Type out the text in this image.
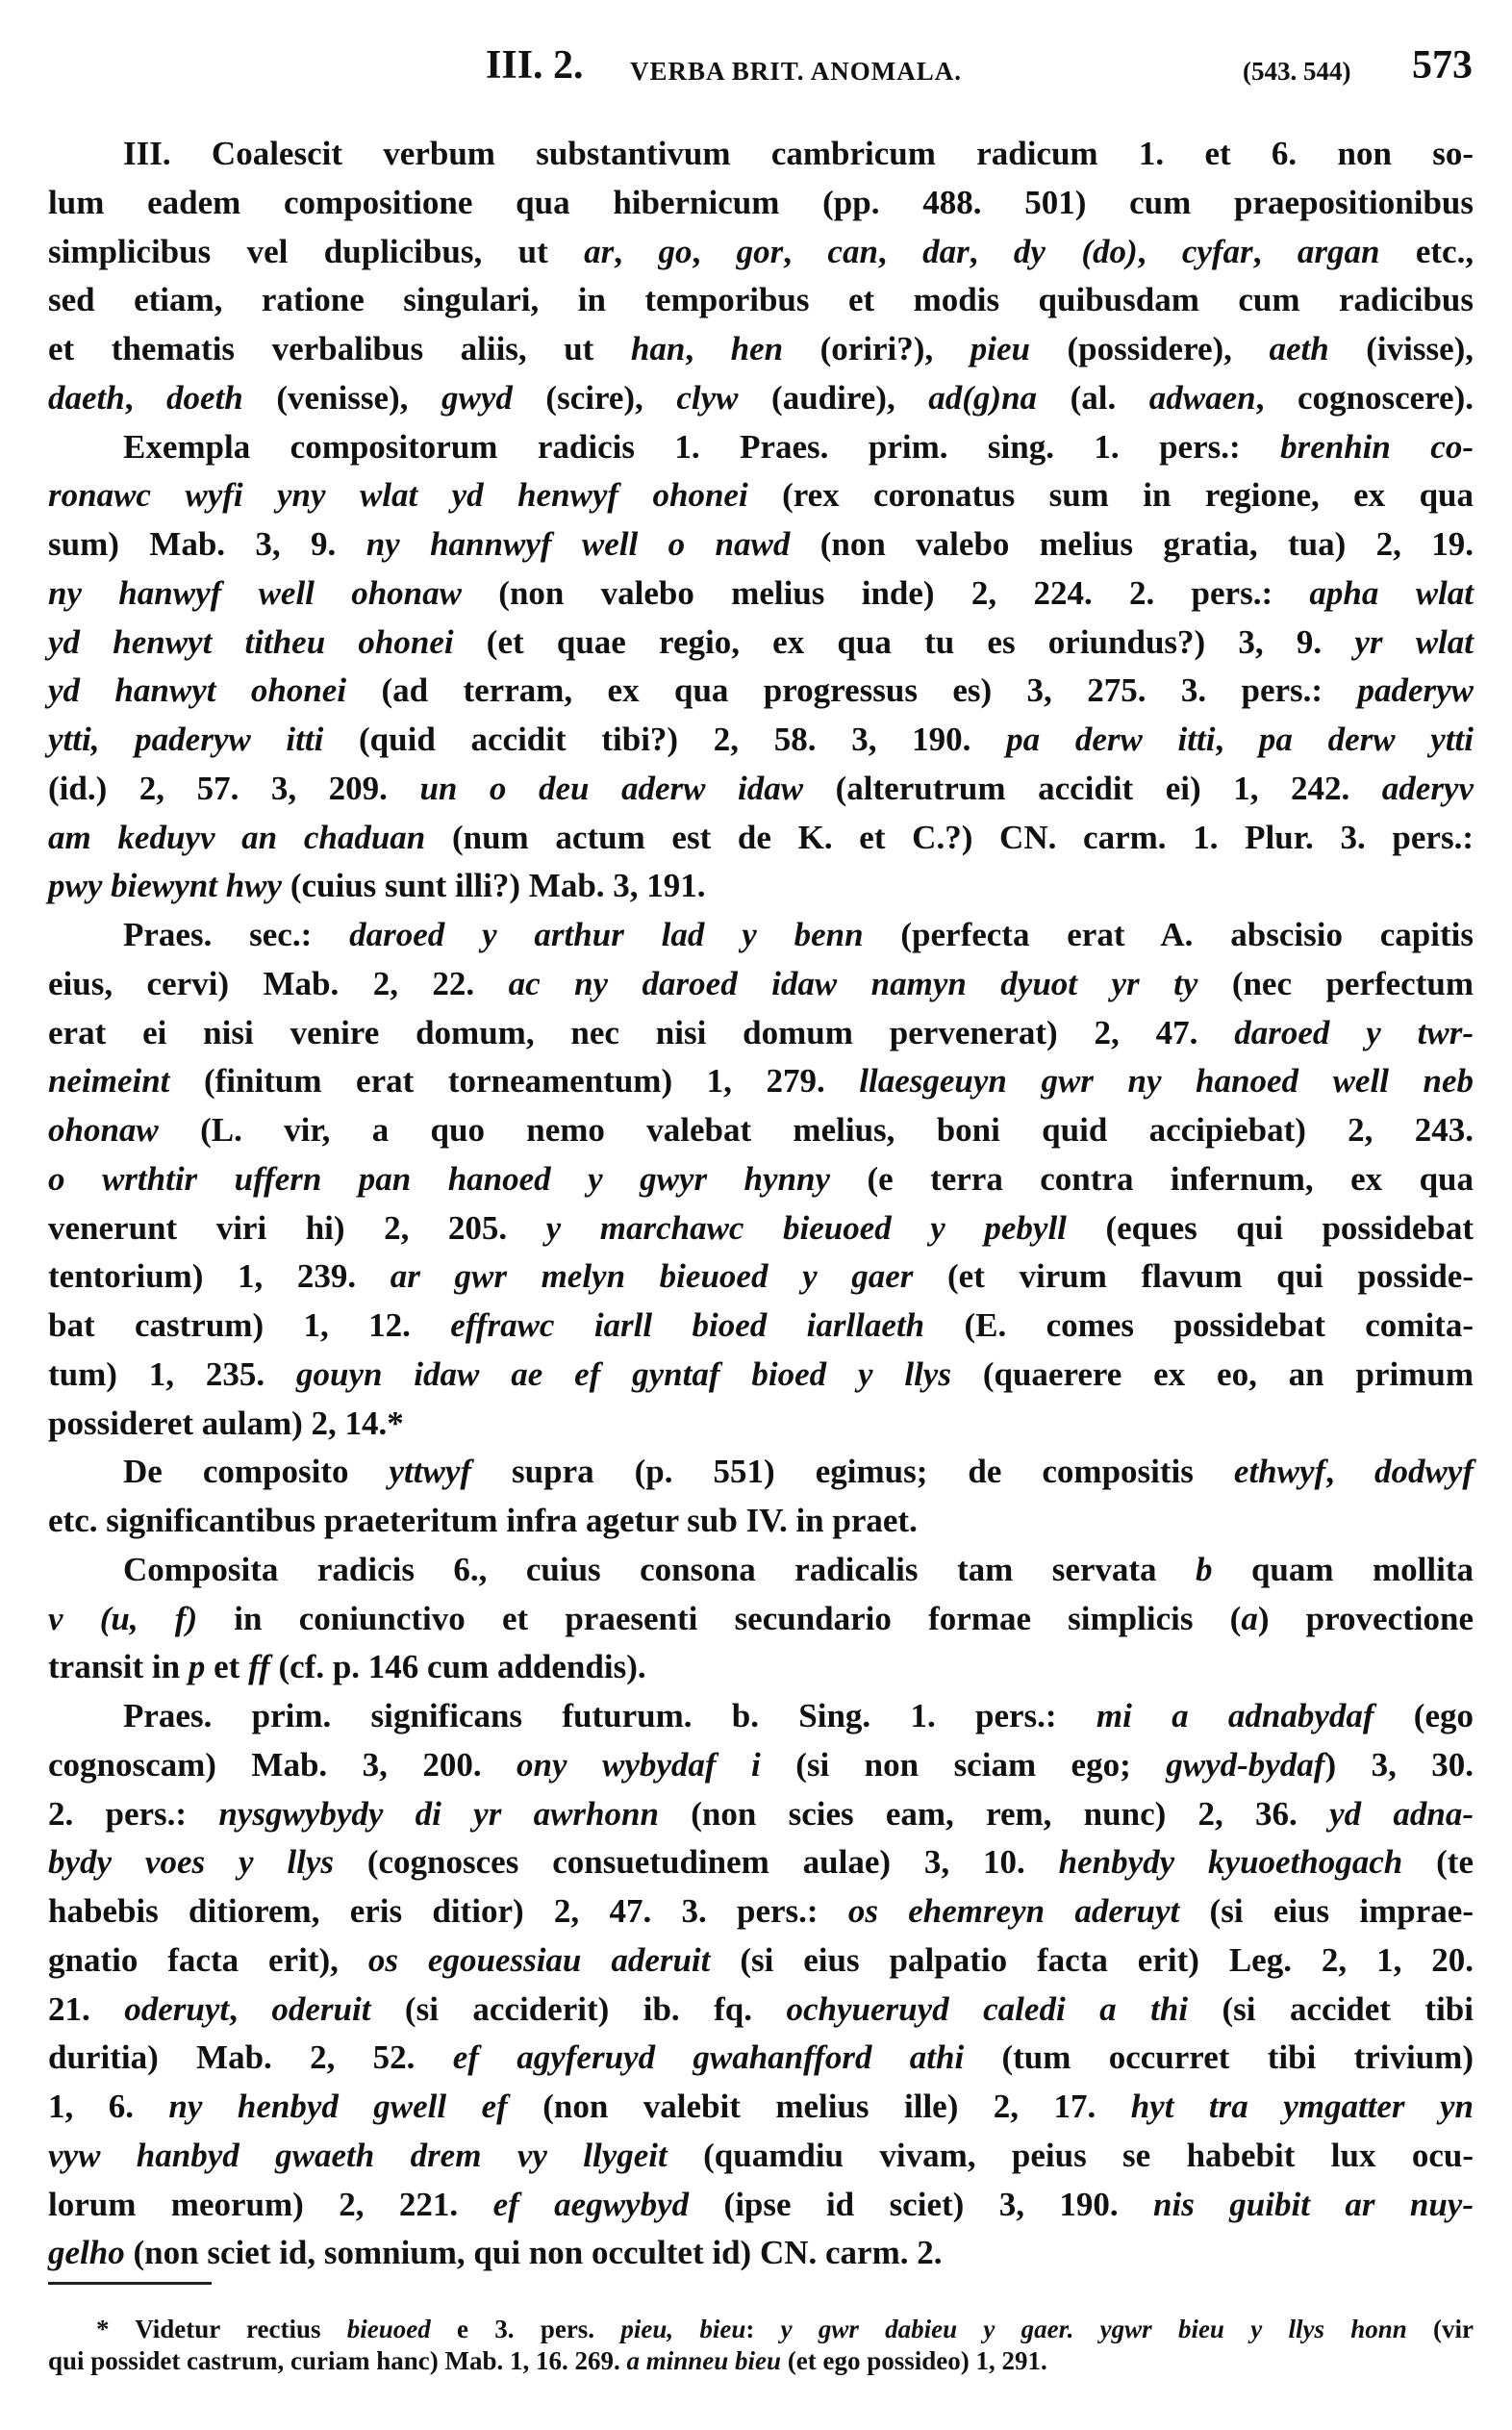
III. 2. VERBA BRIT. ANOMALA.	(543. 544) 573
III. Coalescit verbum substantivum cambricum radicum 1. et 6. non so-
lum eadem compositione qua hibernicum (pp. 488. 501) cum praepositionibus
simplicibus vel duplicibus, ut ar, go, gor, can, dar, dy (do), cyfar, argan etc.,
sed etiam, ratione singulari, in temporibus et modis quibusdam cum radicibus
et thematis verbalibus aliis, ut han, hen (oriri?), pieu (possidere), aeth (ivisse),
daeth, doeth (venisse), gwyd (scire), clyw (audire), ad(g)na (al. adwaen, cognoscere).
Exempla compositorum radicis 1. Praes. prim. sing. 1. pers.: brenhin co-
ronawc wyfi yny wlat yd henwyf ohonei (rex coronatus sum in regione, ex qua
sum) Mab. 3, 9. ny hannwyf well o nawd (non valebo melius gratia, tua) 2, 19.
ny hanwyf well ohonaw (non valebo melius inde) 2, 224. 2. pers.: apha wlat
yd henwyt titheu ohonei (et quae regio, ex qua tu es oriundus?) 3, 9. yr wlat
yd hanwyt ohonei (ad terram, ex qua progressus es) 3, 275. 3. pers.: paderyw
ytti, paderyw itti (quid accidit tibi?) 2, 58. 3, 190. pa derw itti, pa derw ytti
(id.) 2, 57. 3, 209. un o deu aderw idaw (alterutrum accidit ei) 1, 242. aderyv
am keduyv an chaduan (num actum est de K. et C.?) CN. carm. 1. Plur. 3. pers.:
pwy biewynt hwy (cuius sunt illi?) Mab. 3, 191.
Praes. sec.: daroed y arthur lad y benn (perfecta erat A. abscisio capitis
eius, cervi) Mab. 2, 22. ac ny daroed idaw namyn dyuot yr ty (nec perfectum
erat ei nisi venire domum, nec nisi domum pervenerat) 2, 47. daroed y twr-
neimeint (finitum erat torneamentum) 1, 279. llaesgeuyn gwr ny hanoed well neb
ohonaw (L. vir, a quo nemo valebat melius, boni quid accipiebat) 2, 243.
o wrthtir uffern pan hanoed y gwyr hynny (e terra contra infernum, ex qua
venerunt viri hi) 2, 205. y marchawc bieuoed y pebyll (eques qui possidebat
tentorium) 1, 239. ar gwr melyn bieuoed y gaer (et virum flavum qui posside-
bat castrum) 1, 12. effrawc iarll bioed iarllaeth (E. comes possidebat comita-
tum) 1, 235. gouyn idaw ae ef gyntaf bioed y llys (quaerere ex eo, an primum
possideret aulam) 2, 14.*
De composito yttwyf supra (p. 551) egimus; de compositis ethwyf, dodwyf
etc. significantibus praeteritum infra agetur sub IV. in praet.
Composita radicis 6., cuius consona radicalis tam servata b quam mollita
v (u, f) in coniunctivo et praesenti secundario formae simplicis (a) provectione
transit in p et ff (cf. p. 146 cum addendis).
Praes. prim. significans futurum. b. Sing. 1. pers.: mi a adnabydaf (ego
cognoscam) Mab. 3, 200. ony wybydaf i (si non sciam ego; gwyd-bydaf) 3, 30.
2. pers.: nysgwybydy di yr awrhonn (non scies eam, rem, nunc) 2, 36. yd adna-
bydy voes y llys (cognosces consuetudinem aulae) 3, 10. henbydy kyuoethogach (te
habebis ditiorem, eris ditior) 2, 47. 3. pers.: os ehemreyn aderuyt (si eius imprae-
gnatio facta erit), os egouessiau aderuit (si eius palpatio facta erit) Leg. 2, 1, 20.
21. oderuyt, oderuit (si acciderit) ib. fq. ochyueruyd caledi a thi (si accidet tibi
duritia) Mab. 2, 52. ef agyferuyd gwahanfford athi (tum occurret tibi trivium)
1, 6. ny henbyd gwell ef (non valebit melius ille) 2, 17. hyt tra ymgatter yn
vyw hanbyd gwaeth drem vy llygeit (quamdiu vivam, peius se habebit lux ocu-
lorum meorum) 2, 221. ef aegwybyd (ipse id sciet) 3, 190. nis guibit ar nuy-
gelho (non sciet id, somnium, qui non occultet id) CN. carm. 2.
* Videtur rectius bieuoed e 3. pers. pieu, bieu: y gwr dabieu y gaer. ygwr bieu y llys honn (vir
qui possidet castrum, curiam hanc) Mab. 1, 16. 269. a minneu bieu (et ego possideo) 1, 291.
